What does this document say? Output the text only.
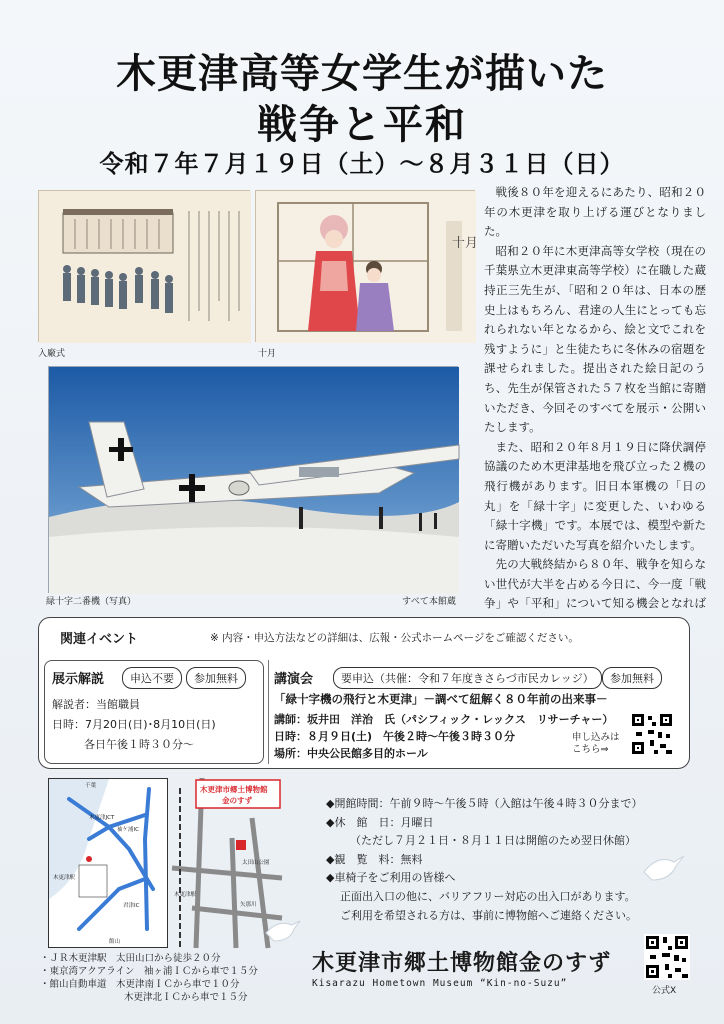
木更津高等女学生が描いた
戦争と平和
令和７年７月１９日（土）～８月３１日（日）
入廠式
十月
十月
緑十字二番機（写真）	すべて本館蔵

戦後８０年を迎えるにあたり、昭和２０年の木更津を取り上げる運びとなりました。

昭和２０年に木更津高等女学校（現在の千葉県立木更津東高等学校）に在職した蔵持正三先生が、「昭和２０年は、日本の歴史上はもちろん、君達の人生にとっても忘れられない年となるから、絵と文でこれを残すように」と生徒たちに冬休みの宿題を課せられました。提出された絵日記のうち、先生が保管された５７枚を当館に寄贈いただき、今回そのすべてを展示・公開いたします。

また、昭和２０年８月１９日に降伏調停協議のため木更津基地を飛び立った２機の飛行機があります。旧日本軍機の「日の丸」を「緑十字」に変更した、いわゆる「緑十字機」です。本展では、模型や新たに寄贈いただいた写真を紹介いたします。

先の大戦終結から８０年、戦争を知らない世代が大半を占める今日に、今一度「戦争」や「平和」について知る機会となれば

関連イベント	※ 内容・申込方法などの詳細は、広報・公式ホームページをご確認ください。
展示解説	申込不要	参加無料
解説者：当館職員
日時：7月20日(日)･8月10日(日)
各日午後１時３０分～
講演会	要申込（共催：令和７年度きさらづ市民カレッジ）	参加無料
「緑十字機の飛行と木更津」－調べて紐解く８０年前の出来事－
講師：坂井田　洋治　氏（パシフィック・レックス　リサーチャー）
日時：８月９日(土)　午後２時～午後３時３０分
場所：中央公民館多目的ホール
申し込みは
こちら⇒
千葉
木更津JCT
袖ケ浦IC
木更津駅
君津IC
館山
木更津市郷土博物館
金のすず
木更津駅
太田山公園
矢那川
◆開館時間：午前９時～午後５時（入館は午後４時３０分まで）
◆休　館　日：月曜日
（ただし７月２１日・８月１１日は開館のため翌日休館）
◆観　覧　料：無料
◆車椅子をご利用の皆様へ
正面出入口の他に、バリアフリー対応の出入口があります。
ご利用を希望される方は、事前に博物館へご連絡ください。
・ＪＲ木更津駅　太田山口から徒歩２０分
・東京湾アクアライン　袖ヶ浦ＩＣから車で１５分
・館山自動車道　木更津南ＩＣから車で１０分
木更津北ＩＣから車で１５分
木更津市郷土博物館金のすず
Kisarazu Hometown Museum “Kin-no-Suzu”
公式X
